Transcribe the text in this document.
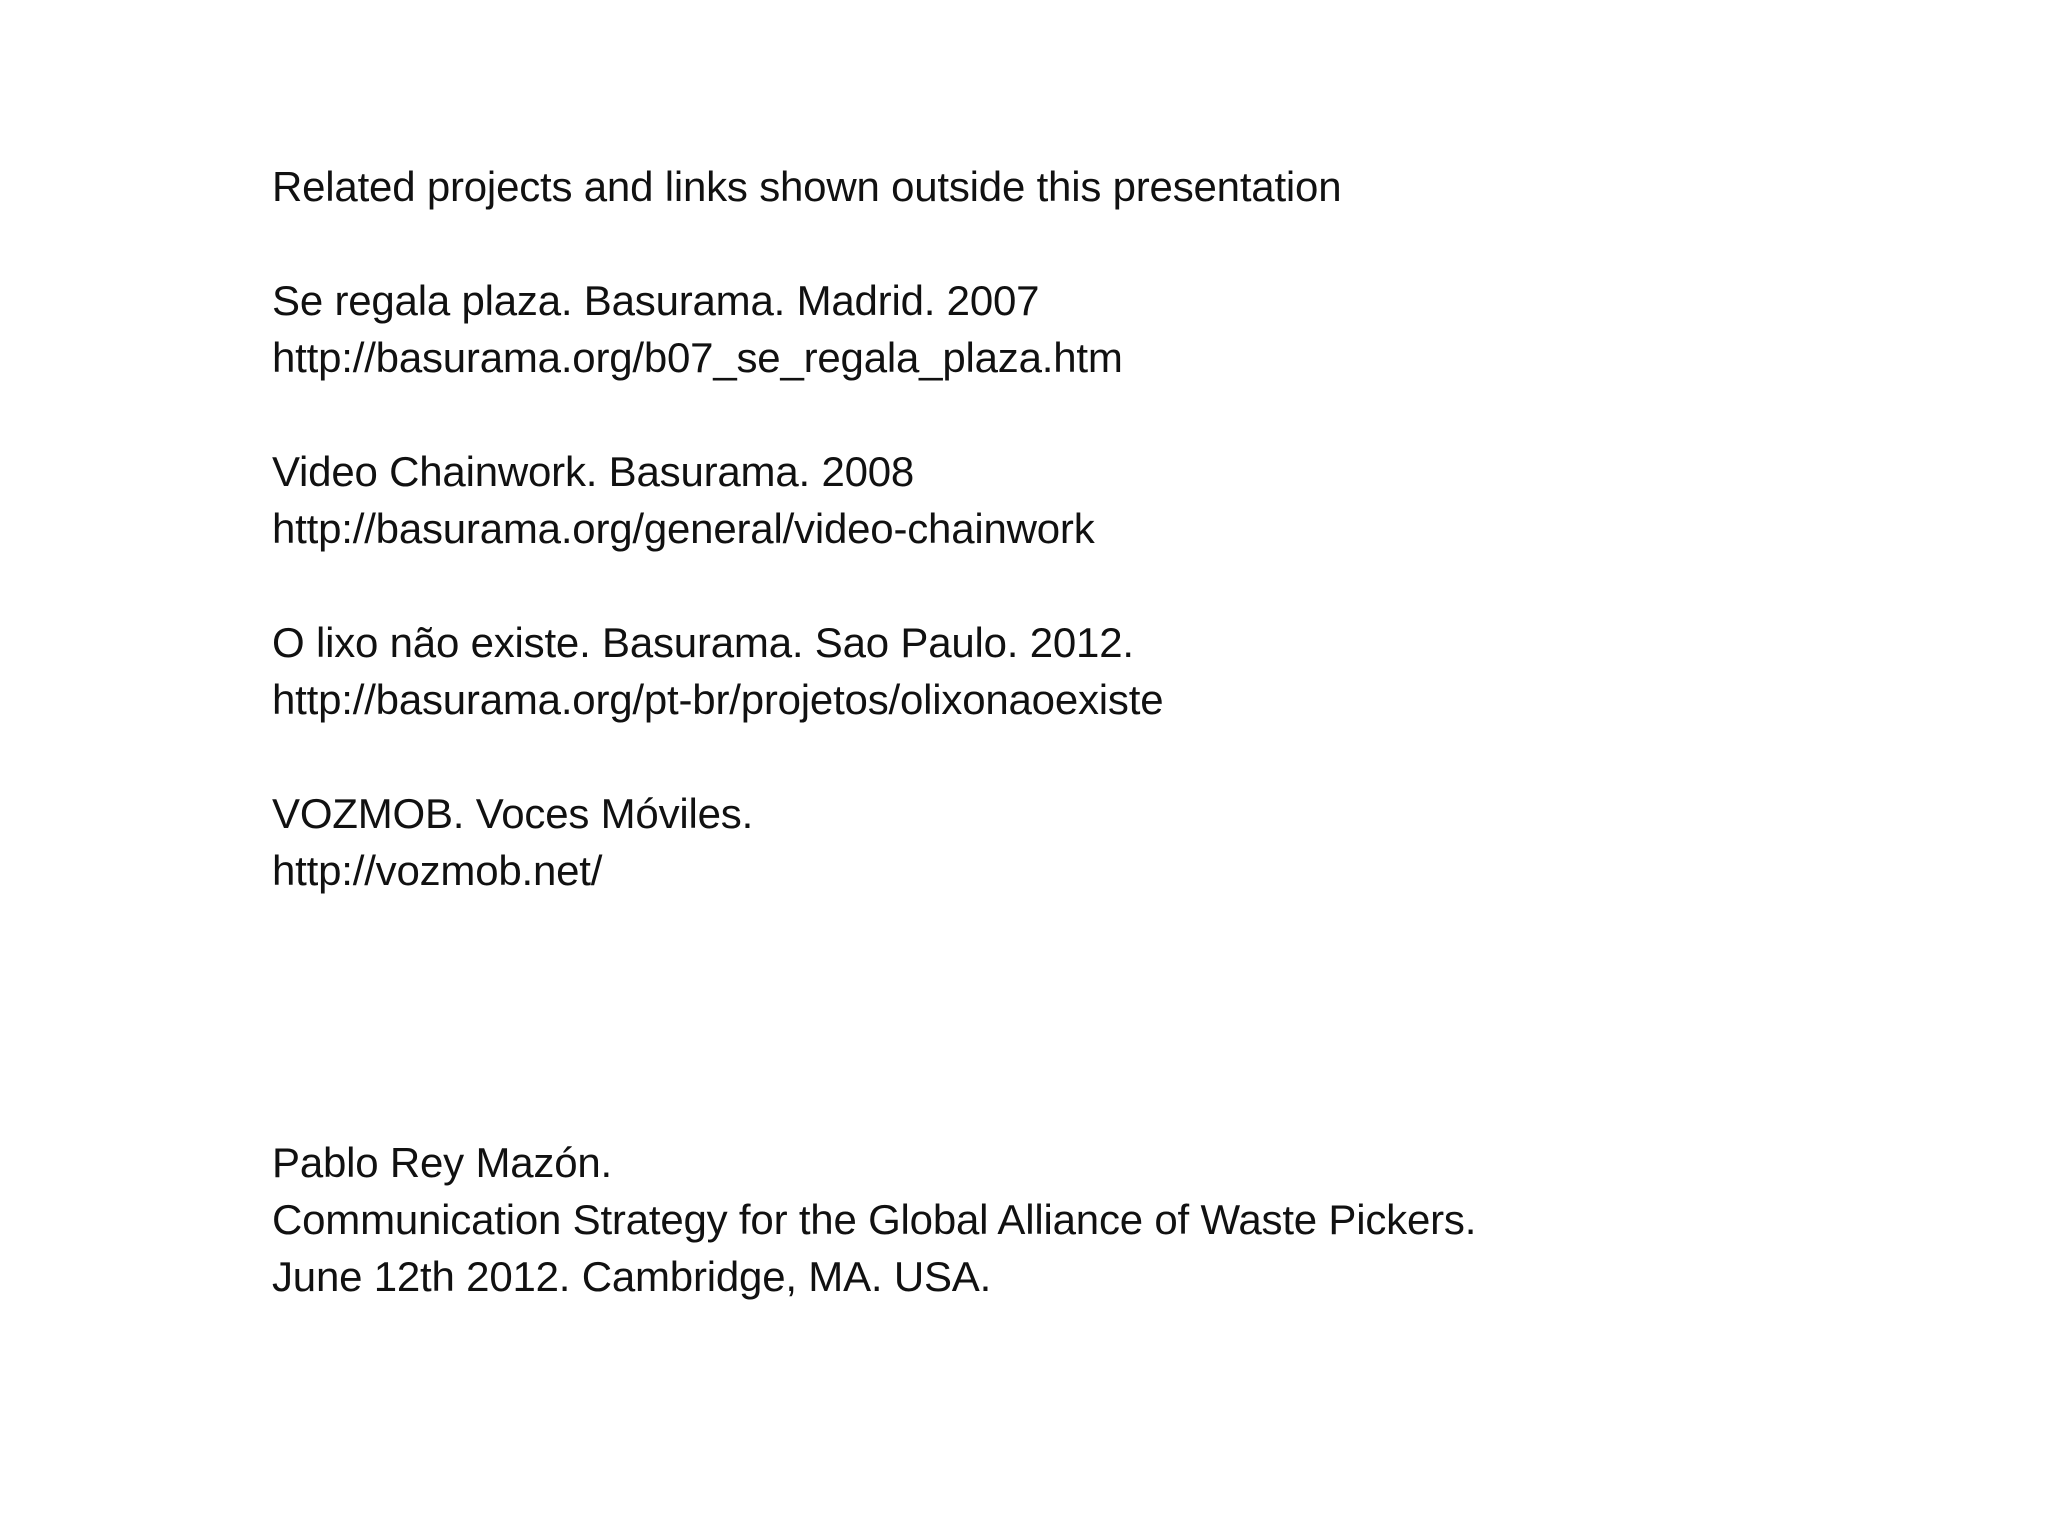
Related projects and links shown outside this presentation
Se regala plaza. Basurama. Madrid. 2007
http://basurama.org/b07_se_regala_plaza.htm
Video Chainwork. Basurama. 2008
http://basurama.org/general/video-chainwork
O lixo não existe. Basurama. Sao Paulo. 2012.
http://basurama.org/pt-br/projetos/olixonaoexiste
VOZMOB. Voces Móviles.
http://vozmob.net/
Pablo Rey Mazón.
Communication Strategy for the Global Alliance of Waste Pickers.
June 12th 2012. Cambridge, MA. USA.
